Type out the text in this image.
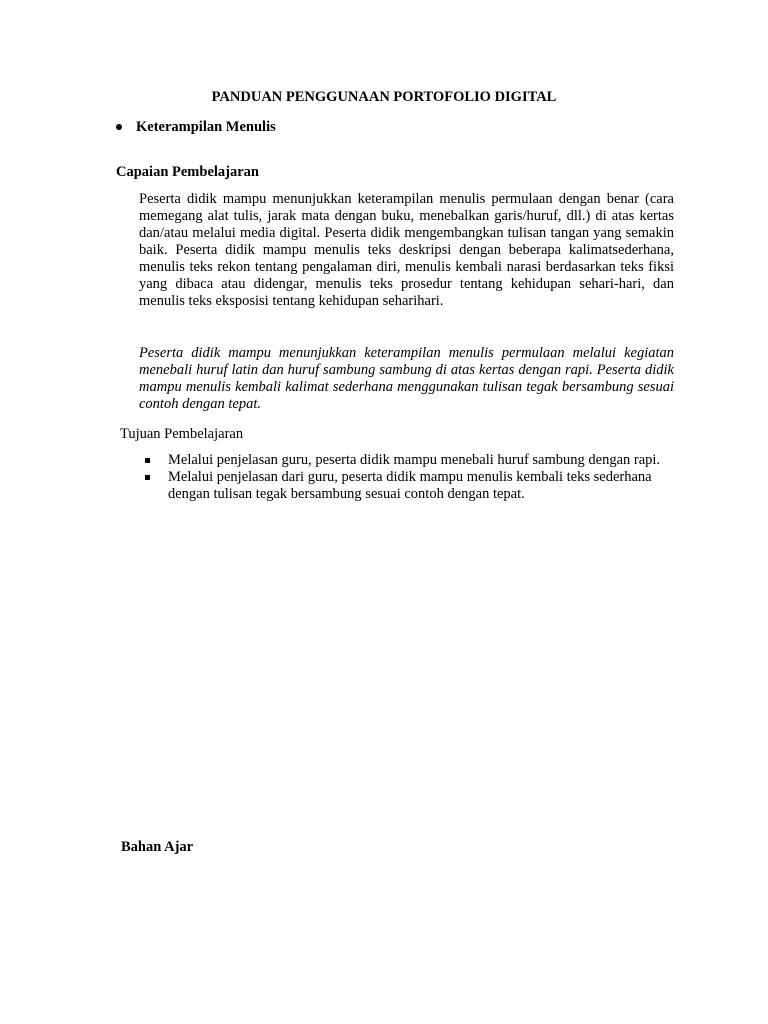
PANDUAN PENGGUNAAN PORTOFOLIO DIGITAL
Keterampilan Menulis
Capaian Pembelajaran

Peserta didik mampu menunjukkan keterampilan menulis permulaan dengan benar (cara memegang alat tulis, jarak mata dengan buku, menebalkan garis/huruf, dll.) di atas kertas dan/atau melalui media digital. Peserta didik mengembangkan tulisan tangan yang semakin baik. Peserta didik mampu menulis teks deskripsi dengan beberapa kalimatsederhana, menulis teks rekon tentang pengalaman diri, menulis kembali narasi berdasarkan teks fiksi yang dibaca atau didengar, menulis teks prosedur tentang kehidupan sehari-hari, dan menulis teks eksposisi tentang kehidupan seharihari.

Peserta didik mampu menunjukkan keterampilan menulis permulaan melalui kegiatan menebali huruf latin dan huruf sambung sambung di atas kertas dengan rapi. Peserta didik mampu menulis kembali kalimat sederhana menggunakan tulisan tegak bersambung sesuai contoh dengan tepat.

Tujuan Pembelajaran
Melalui penjelasan guru, peserta didik mampu menebali huruf sambung dengan rapi.
Melalui penjelasan dari guru, peserta didik mampu menulis kembali teks sederhana dengan tulisan tegak bersambung sesuai contoh dengan tepat.
Bahan Ajar
